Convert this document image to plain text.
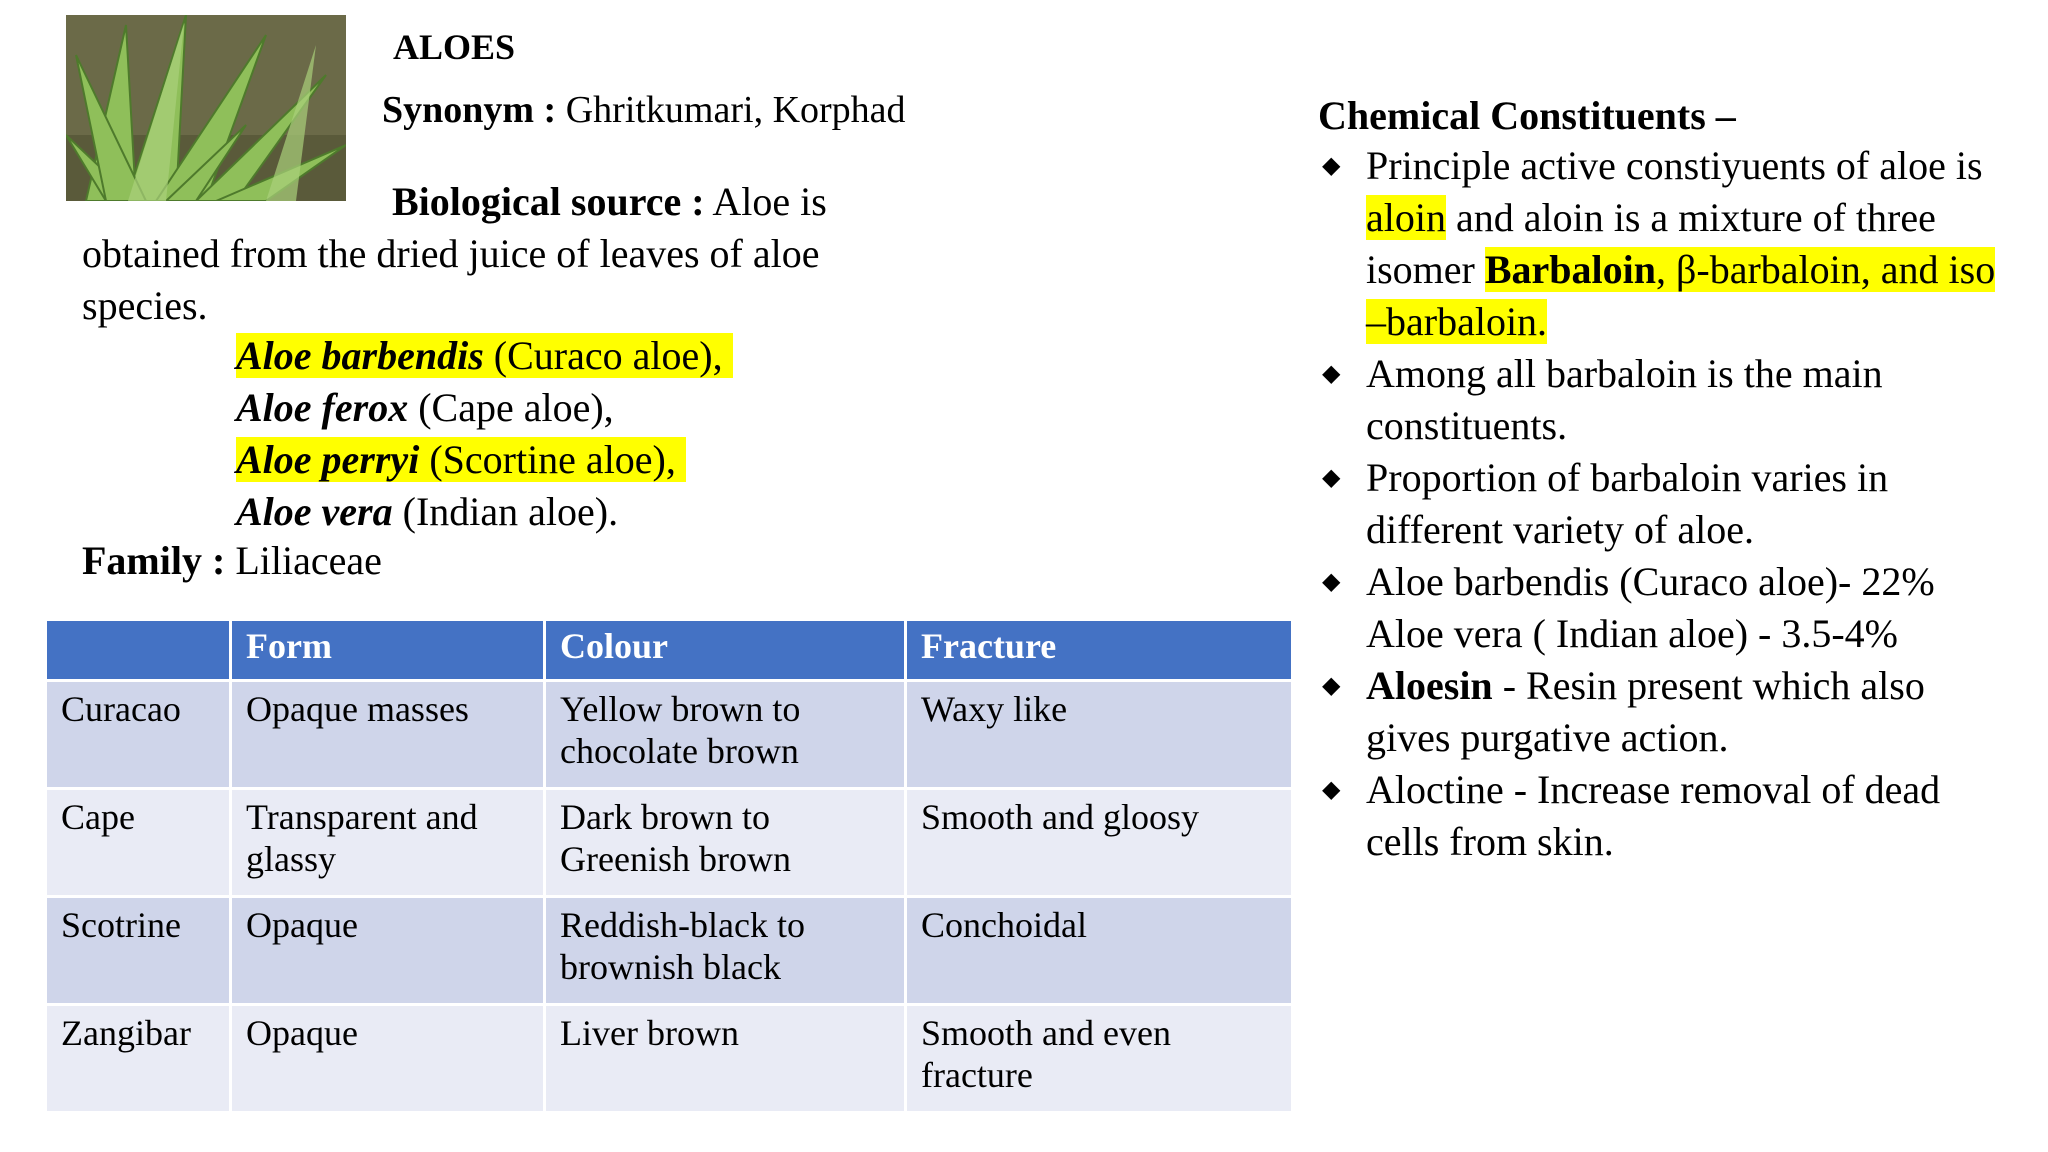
ALOES
Synonym : Ghritkumari, Korphad
Biological source : Aloe is
obtained from the dried juice of leaves of aloe
species.
Aloe barbendis (Curaco aloe),
Aloe ferox (Cape aloe),
Aloe perryi (Scortine aloe),
Aloe vera (Indian aloe).
Family : Liliaceae
	Form	Colour	Fracture
Curacao	Opaque masses	Yellow brown to chocolate brown	Waxy like
Cape	Transparent and glassy	Dark brown to Greenish brown	Smooth and gloosy
Scotrine	Opaque	Reddish-black to brownish black	Conchoidal
Zangibar	Opaque	Liver brown	Smooth and even fracture
Chemical Constituents –
◆ Principle active constiyuents of aloe is aloin and aloin is a mixture of three isomer Barbaloin, β-barbaloin, and iso –barbaloin.
◆ Among all barbaloin is the main constituents.
◆ Proportion of barbaloin varies in different variety of aloe.
◆ Aloe barbendis (Curaco aloe)- 22%
Aloe vera ( Indian aloe) - 3.5-4%
◆ Aloesin - Resin present which also gives purgative action.
◆ Aloctine - Increase removal of dead cells from skin.
